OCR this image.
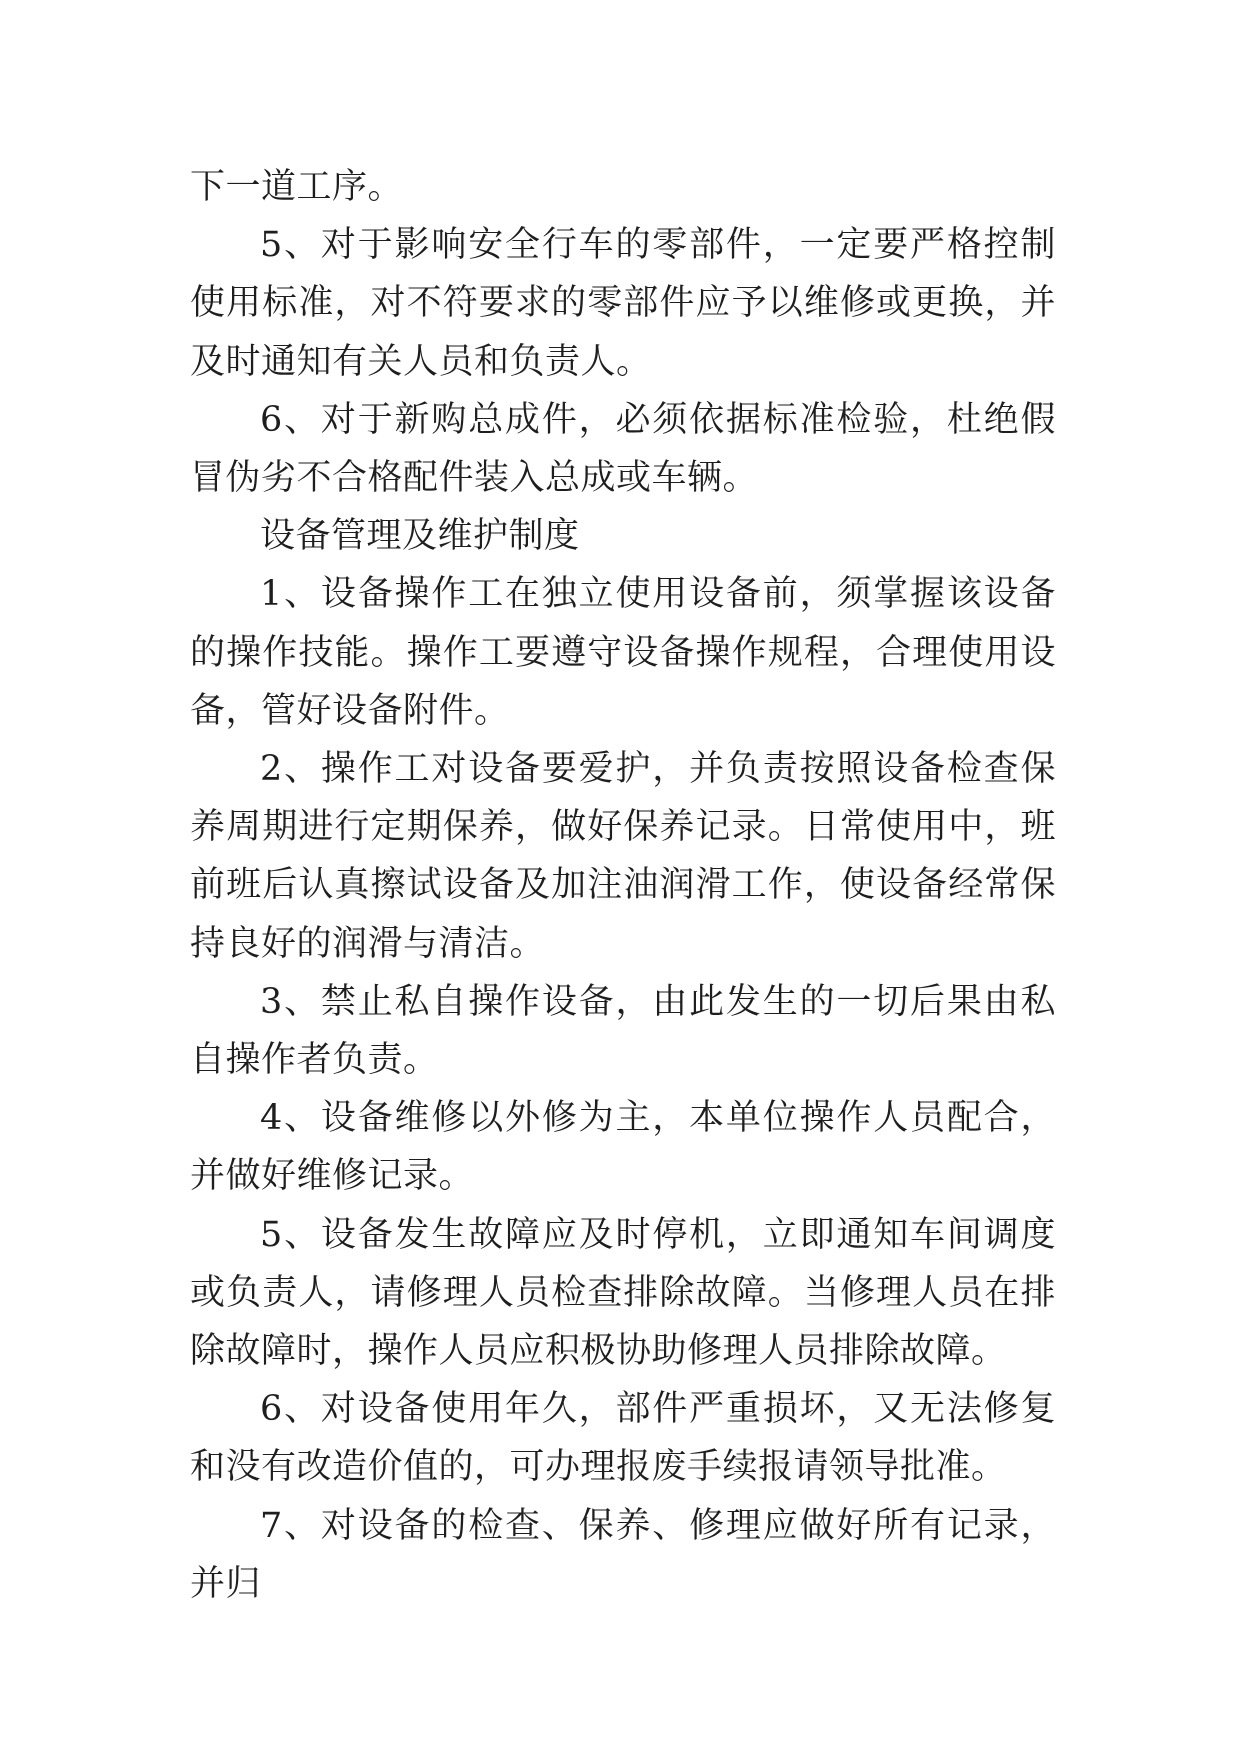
下一道工序。

5、对于影响安全行车的零部件，一定要严格控制使用标准，对不符要求的零部件应予以维修或更换，并及时通知有关人员和负责人。

6、对于新购总成件，必须依据标准检验，杜绝假冒伪劣不合格配件装入总成或车辆。

设备管理及维护制度

1、设备操作工在独立使用设备前，须掌握该设备的操作技能。操作工要遵守设备操作规程，合理使用设备，管好设备附件。

2、操作工对设备要爱护，并负责按照设备检查保养周期进行定期保养，做好保养记录。日常使用中，班前班后认真擦试设备及加注油润滑工作，使设备经常保持良好的润滑与清洁。

3、禁止私自操作设备，由此发生的一切后果由私自操作者负责。

4、设备维修以外修为主，本单位操作人员配合，并做好维修记录。

5、设备发生故障应及时停机，立即通知车间调度或负责人，请修理人员检查排除故障。当修理人员在排除故障时，操作人员应积极协助修理人员排除故障。

6、对设备使用年久，部件严重损坏，又无法修复和没有改造价值的，可办理报废手续报请领导批准。

7、对设备的检查、保养、修理应做好所有记录，并归
